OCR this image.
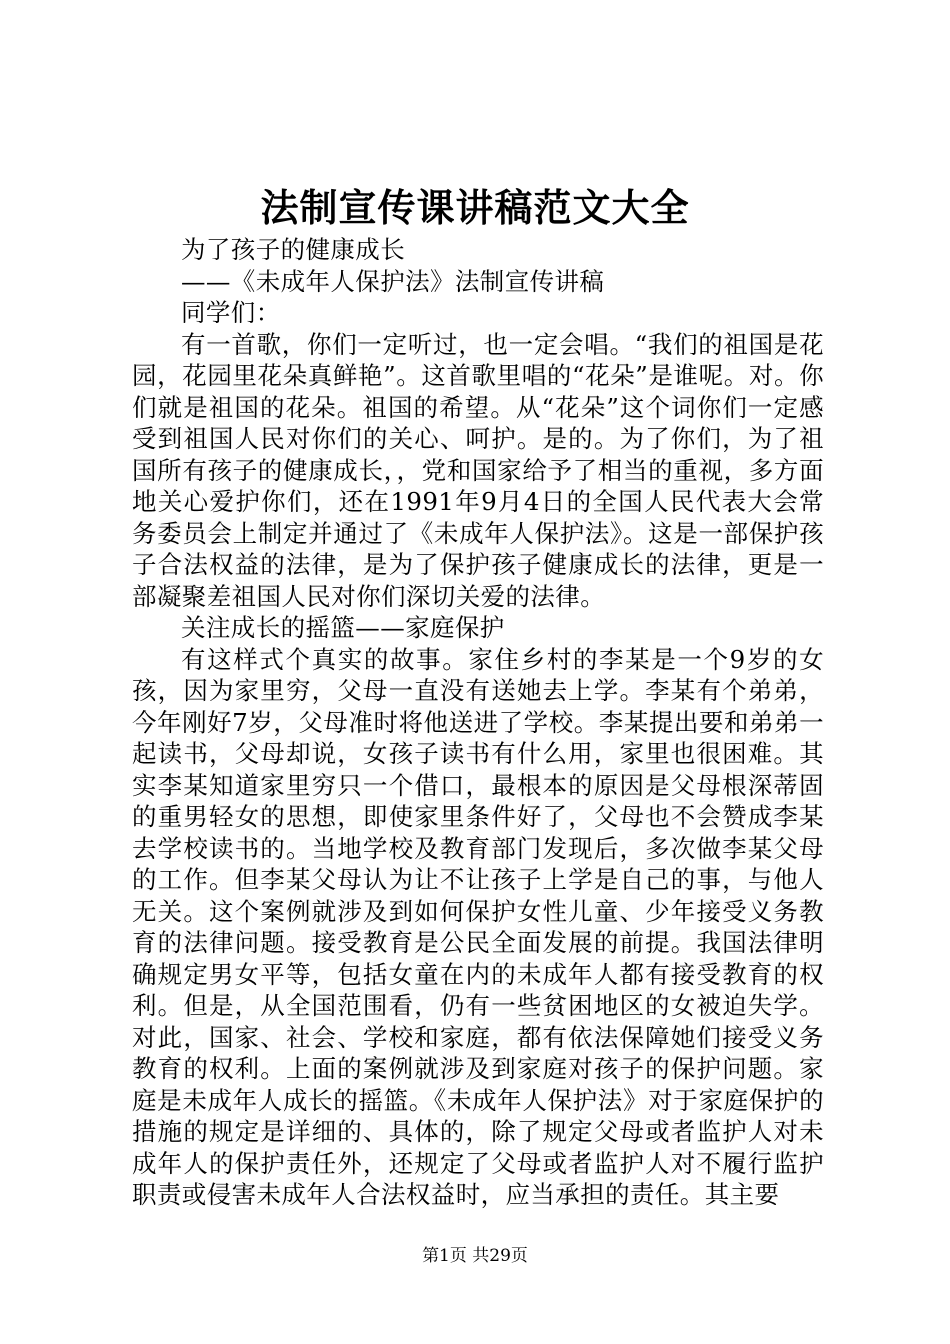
法制宣传课讲稿范文大全

为了孩子的健康成长

——《未成年人保护法》法制宣传讲稿

同学们：

有一首歌，你们一定听过，也一定会唱。“我们的祖国是花园，花园里花朵真鲜艳”。这首歌里唱的“花朵”是谁呢。对。你们就是祖国的花朵。祖国的希望。从“花朵”这个词你们一定感受到祖国人民对你们的关心、呵护。是的。为了你们，为了祖国所有孩子的健康成长，，党和国家给予了相当的重视，多方面地关心爱护你们，还在1991年9月4日的全国人民代表大会常务委员会上制定并通过了《未成年人保护法》。这是一部保护孩子合法权益的法律，是为了保护孩子健康成长的法律，更是一部凝聚差祖国人民对你们深切关爱的法律。

关注成长的摇篮——家庭保护

有这样式个真实的故事。家住乡村的李某是一个9岁的女孩，因为家里穷，父母一直没有送她去上学。李某有个弟弟，今年刚好7岁，父母准时将他送进了学校。李某提出要和弟弟一起读书，父母却说，女孩子读书有什么用，家里也很困难。其实李某知道家里穷只一个借口，最根本的原因是父母根深蒂固的重男轻女的思想，即使家里条件好了，父母也不会赞成李某去学校读书的。当地学校及教育部门发现后，多次做李某父母的工作。但李某父母认为让不让孩子上学是自己的事，与他人无关。这个案例就涉及到如何保护女性儿童、少年接受义务教育的法律问题。接受教育是公民全面发展的前提。我国法律明确规定男女平等，包括女童在内的未成年人都有接受教育的权利。但是，从全国范围看，仍有一些贫困地区的女被迫失学。对此，国家、社会、学校和家庭，都有依法保障她们接受义务教育的权利。上面的案例就涉及到家庭对孩子的保护问题。家庭是未成年人成长的摇篮。《未成年人保护法》对于家庭保护的措施的规定是详细的、具体的，除了规定父母或者监护人对未成年人的保护责任外，还规定了父母或者监护人对不履行监护职责或侵害未成年人合法权益时，应当承担的责任。其主要

第1页 共29页
